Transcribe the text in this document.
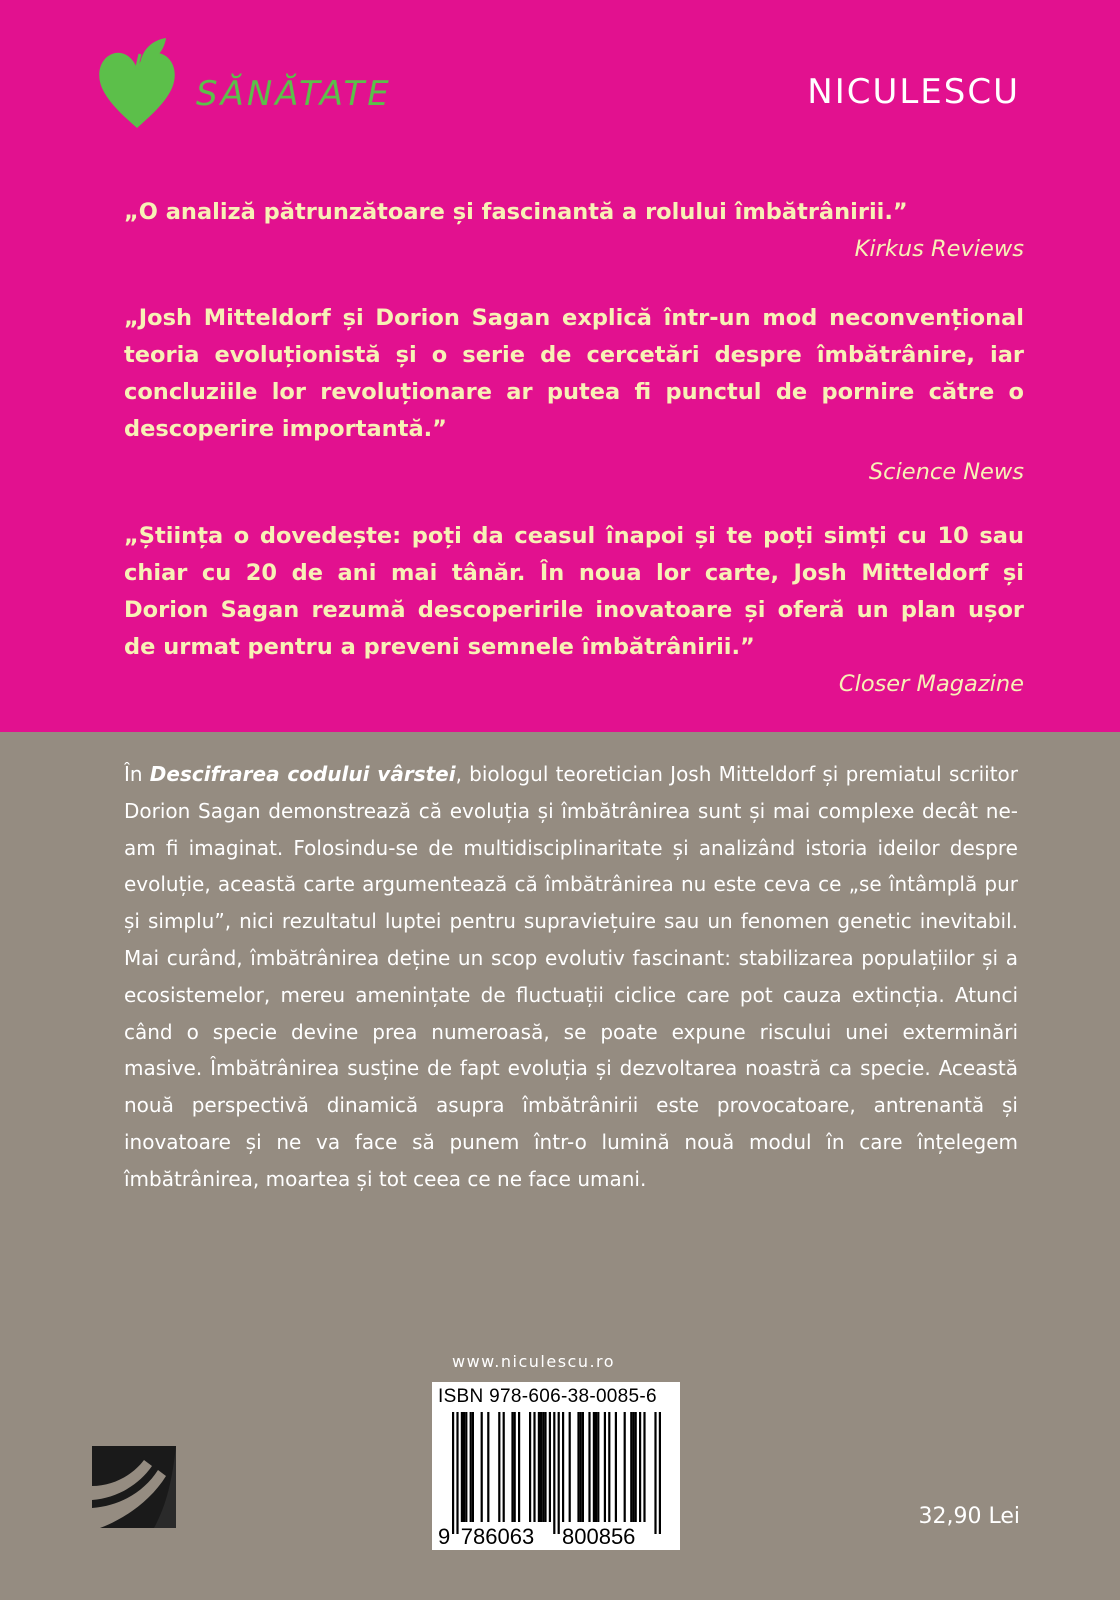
SĂNĂTATE	NICULESCU

„O analiză pătrunzătoare și fascinantă a rolului îmbătrânirii.”

Kirkus Reviews

„Josh Mitteldorf și Dorion Sagan explică într-un mod neconvențional teoria evoluționistă și o serie de cercetări despre îmbătrânire, iar concluziile lor revoluționare ar putea fi punctul de pornire către o descoperire importantă.”

Science News

„Știința o dovedește: poți da ceasul înapoi și te poți simți cu 10 sau chiar cu 20 de ani mai tânăr. În noua lor carte, Josh Mitteldorf și Dorion Sagan rezumă descoperirile inovatoare și oferă un plan ușor de urmat pentru a preveni semnele îmbătrânirii.”

Closer Magazine

În Descifrarea codului vârstei, biologul teoretician Josh Mitteldorf și premiatul scriitor Dorion Sagan demonstrează că evoluția și îmbătrânirea sunt și mai complexe decât ne-am fi imaginat. Folosindu-se de multidisciplinaritate și analizând istoria ideilor despre evoluție, această carte argumentează că îmbătrânirea nu este ceva ce „se întâmplă pur și simplu”, nici rezultatul luptei pentru supraviețuire sau un fenomen genetic inevitabil. Mai curând, îmbătrânirea deține un scop evolutiv fascinant: stabilizarea populațiilor și a ecosistemelor, mereu amenințate de fluctuații ciclice care pot cauza extincția. Atunci când o specie devine prea numeroasă, se poate expune riscului unei exterminări masive. Îmbătrânirea susține de fapt evoluția și dezvoltarea noastră ca specie. Această nouă perspectivă dinamică asupra îmbătrânirii este provocatoare, antrenantă și inovatoare și ne va face să punem într-o lumină nouă modul în care înțelegem îmbătrânirea, moartea și tot ceea ce ne face umani.

www.niculescu.ro
ISBN 978-606-38-0085-6
9 786063 800856
32,90 Lei
